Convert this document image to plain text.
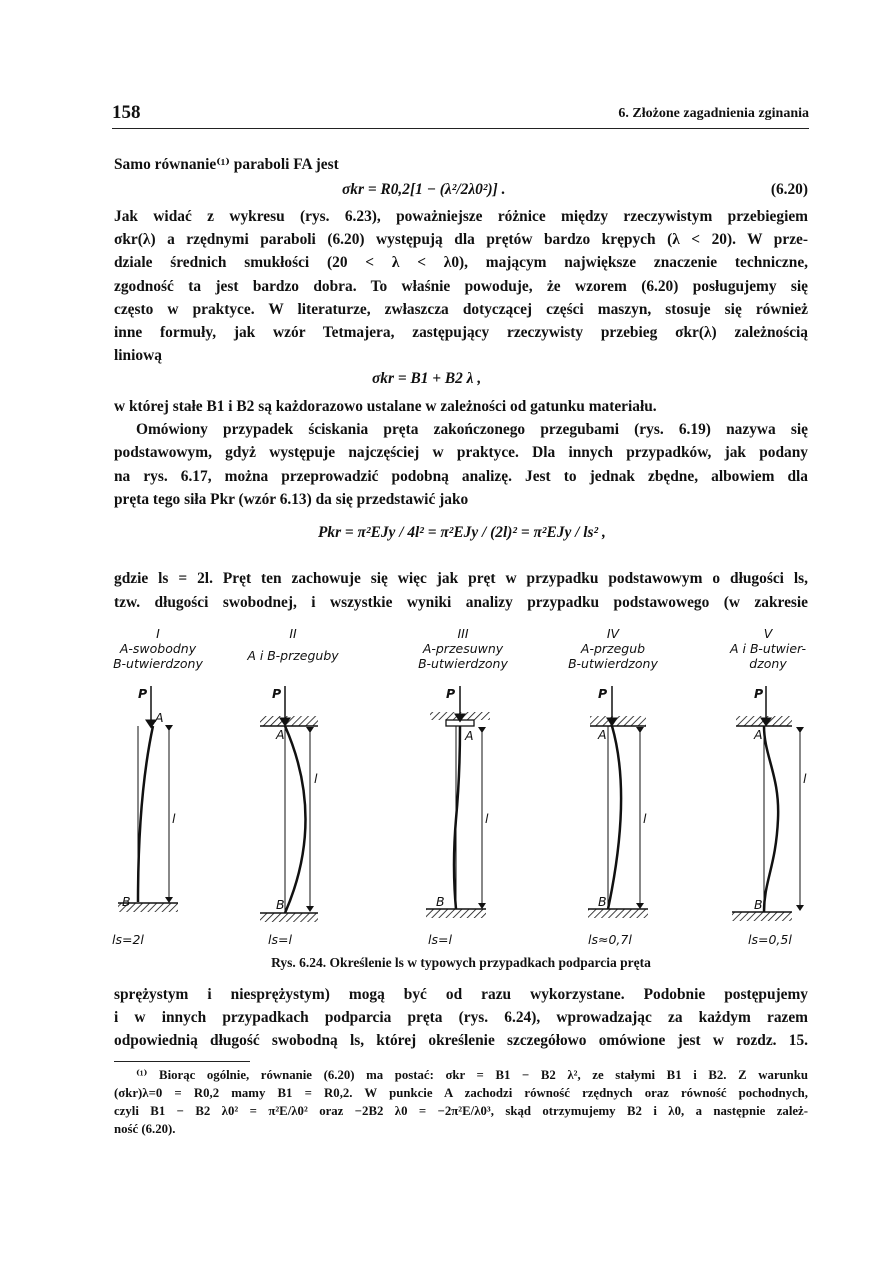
158	6. Złożone zagadnienia zginania
Samo równanie⁽¹⁾ paraboli FA jest
σkr = R0,2[1 − (λ²/2λ0²)] .	(6.20)
Jak widać z wykresu (rys. 6.23), poważniejsze różnice między rzeczywistym przebiegiem
σkr(λ) a rzędnymi paraboli (6.20) występują dla prętów bardzo krępych (λ < 20). W prze-
dziale średnich smukłości (20 < λ < λ0), mającym największe znaczenie techniczne,
zgodność ta jest bardzo dobra. To właśnie powoduje, że wzorem (6.20) posługujemy się
często w praktyce. W literaturze, zwłaszcza dotyczącej części maszyn, stosuje się również
inne formuły, jak wzór Tetmajera, zastępujący rzeczywisty przebieg σkr(λ) zależnością
liniową
σkr = B1 + B2 λ ,
w której stałe B1 i B2 są każdorazowo ustalane w zależności od gatunku materiału.
Omówiony przypadek ściskania pręta zakończonego przegubami (rys. 6.19) nazywa się
podstawowym, gdyż występuje najczęściej w praktyce. Dla innych przypadków, jak podany
na rys. 6.17, można przeprowadzić podobną analizę. Jest to jednak zbędne, albowiem dla
pręta tego siła Pkr (wzór 6.13) da się przedstawić jako
Pkr = π²EJy / 4l² = π²EJy / (2l)² = π²EJy / ls² ,
gdzie ls = 2l. Pręt ten zachowuje się więc jak pręt w przypadku podstawowym o długości ls,
tzw. długości swobodnej, i wszystkie wyniki analizy przypadku podstawowego (w zakresie
I
A-swobodny
B-utwierdzony
II
A i B-przeguby
III
A-przesuwny
B-utwierdzony
IV
A-przegub
B-utwierdzony
V
A i B-utwier-
dzony
P
A
B
l
P
A
B
l
P
A
B
l
P
A
B
l
P
A
B
l
ls=2l	ls=l	ls=l	ls≈0,7l	ls=0,5l
Rys. 6.24. Określenie ls w typowych przypadkach podparcia pręta
sprężystym i niesprężystym) mogą być od razu wykorzystane. Podobnie postępujemy
i w innych przypadkach podparcia pręta (rys. 6.24), wprowadzając za każdym razem
odpowiednią długość swobodną ls, której określenie szczegółowo omówione jest w rozdz. 15.
⁽¹⁾ Biorąc ogólnie, równanie (6.20) ma postać: σkr = B1 − B2 λ², ze stałymi B1 i B2. Z warunku
(σkr)λ=0 = R0,2 mamy B1 = R0,2. W punkcie A zachodzi równość rzędnych oraz równość pochodnych,
czyli B1 − B2 λ0² = π²E/λ0² oraz −2B2 λ0 = −2π²E/λ0³, skąd otrzymujemy B2 i λ0, a następnie zależ-
ność (6.20).
